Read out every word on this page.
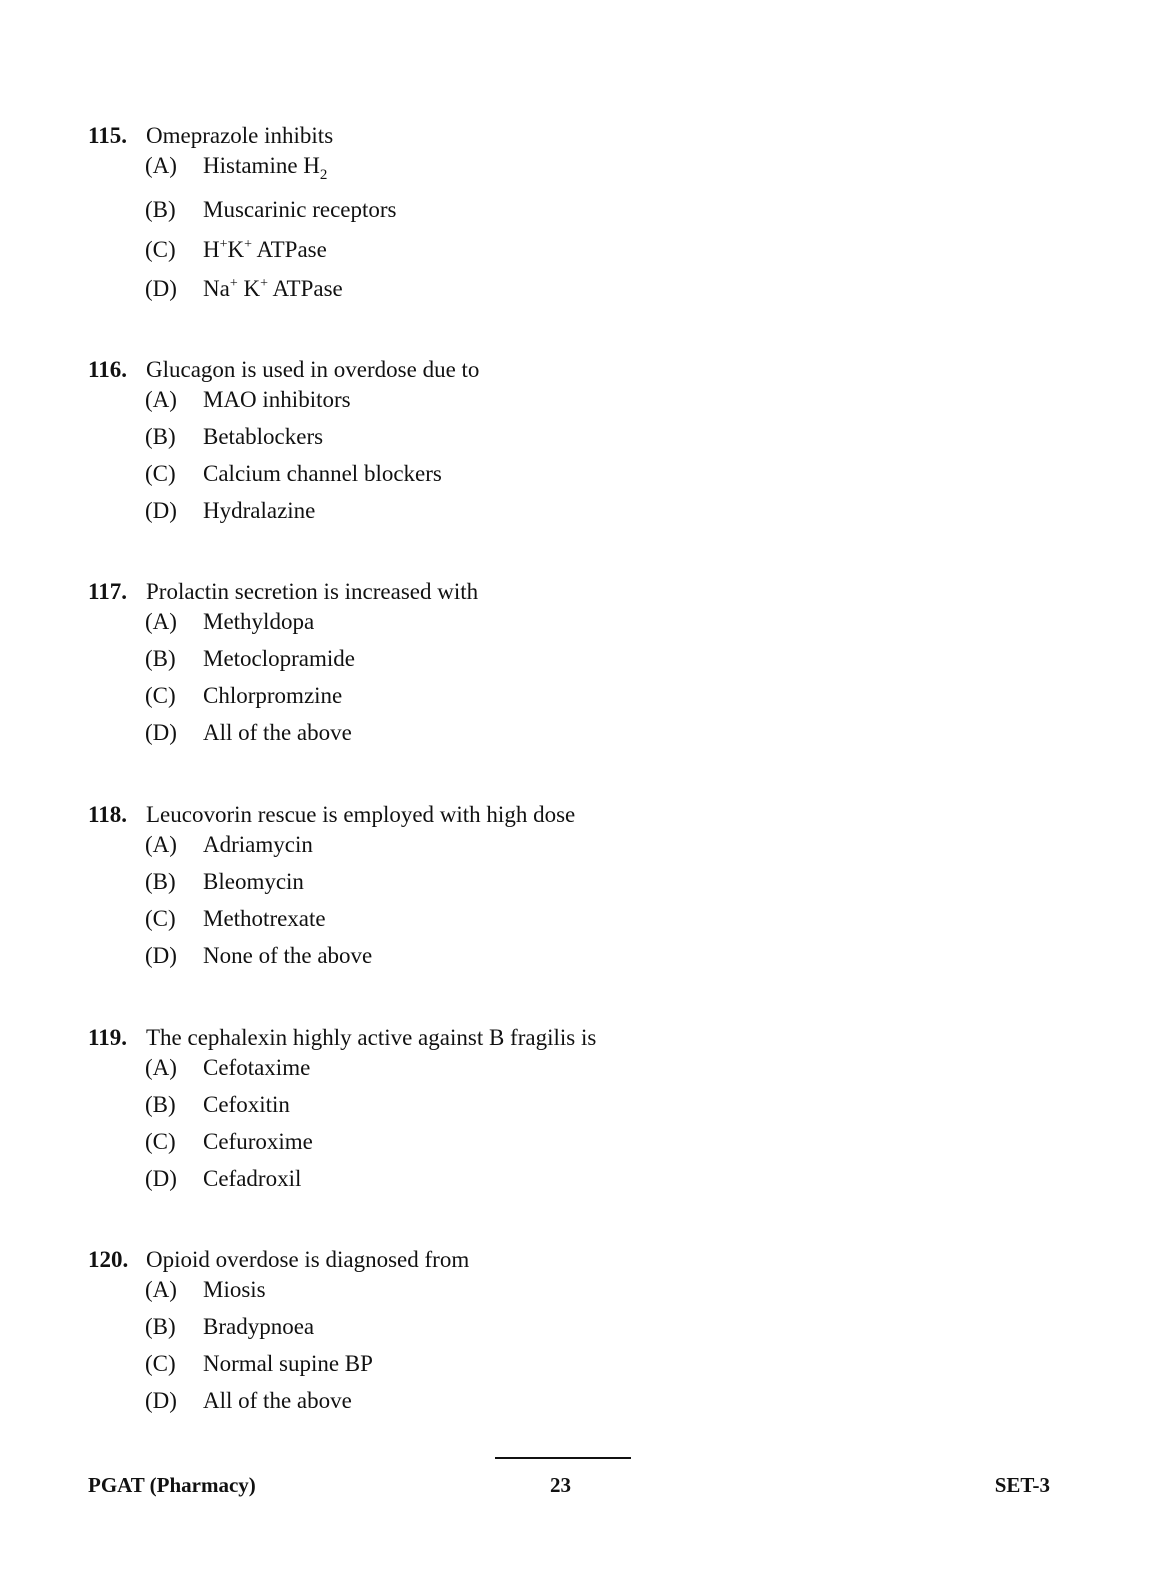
115. Omeprazole inhibits
(A) Histamine $H_2$
(B) Muscarinic receptors
(C) H+K+ ATPase
(D) Na+ K+ ATPase
116. Glucagon is used in overdose due to
(A) MAO inhibitors
(B) Betablockers
(C) Calcium channel blockers
(D) Hydralazine
117. Prolactin secretion is increased with
(A) Methyldopa
(B) Metoclopramide
(C) Chlorpromzine
(D) All of the above
118. Leucovorin rescue is employed with high dose
(A) Adriamycin
(B) Bleomycin
(C) Methotrexate
(D) None of the above
119. The cephalexin highly active against B fragilis is
(A) Cefotaxime
(B) Cefoxitin
(C) Cefuroxime
(D) Cefadroxil
120. Opioid overdose is diagnosed from
(A) Miosis
(B) Bradypnoea
(C) Normal supine BP
(D) All of the above
PGAT (Pharmacy)	23	SET-3
